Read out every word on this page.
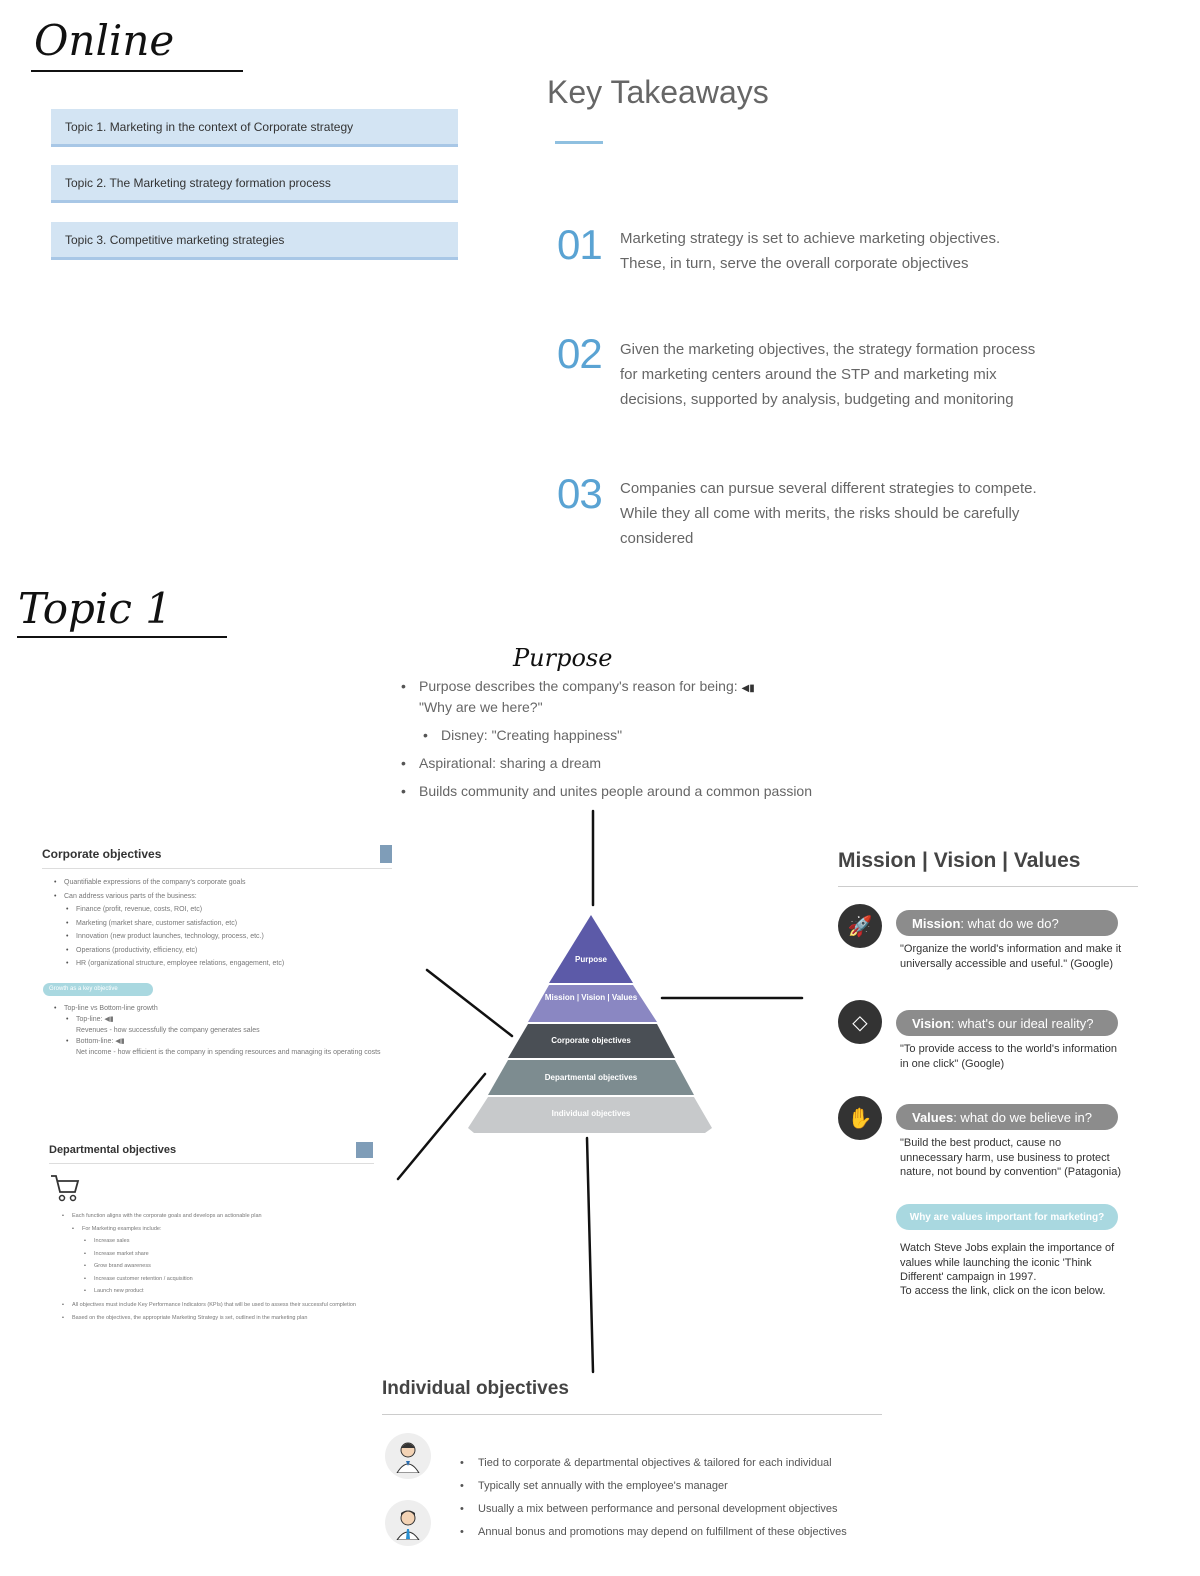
Online
Topic 1. Marketing in the context of Corporate strategy
Topic 2. The Marketing strategy formation process
Topic 3. Competitive marketing strategies
Key Takeaways
01 Marketing strategy is set to achieve marketing objectives. These, in turn, serve the overall corporate objectives
02 Given the marketing objectives, the strategy formation process for marketing centers around the STP and marketing mix decisions, supported by analysis, budgeting and monitoring
03 Companies can pursue several different strategies to compete. While they all come with merits, the risks should be carefully considered
Topic 1
Purpose
• Purpose describes the company's reason for being: ◀▮
"Why are we here?"
• Disney: "Creating happiness"
• Aspirational: sharing a dream
• Builds community and unites people around a common passion
Purpose
Mission | Vision | Values
Corporate objectives
Departmental objectives
Individual objectives
Corporate objectives
• Quantifiable expressions of the company's corporate goals
• Can address various parts of the business:
• Finance (profit, revenue, costs, ROI, etc)
• Marketing (market share, customer satisfaction, etc)
• Innovation (new product launches, technology, process, etc.)
• Operations (productivity, efficiency, etc)
• HR (organizational structure, employee relations, engagement, etc)
Growth as a key objective
• Top-line vs Bottom-line growth
• Top-line: ◀▮
Revenues - how successfully the company generates sales
• Bottom-line: ◀▮
Net income - how efficient is the company in spending resources and managing its operating costs
Departmental objectives
• Each function aligns with the corporate goals and develops an actionable plan
• For Marketing examples include:
• Increase sales
• Increase market share
• Grow brand awareness
• Increase customer retention / acquisition
• Launch new product
• All objectives must include Key Performance Indicators (KPIs) that will be used to assess their successful completion
• Based on the objectives, the appropriate Marketing Strategy is set, outlined in the marketing plan
Mission | Vision | Values
🚀	Mission : what do we do?
"Organize the world's information and make it universally accessible and useful." (Google)
◇	Vision : what's our ideal reality?
"To provide access to the world's information in one click" (Google)
✋	Values : what do we believe in?
"Build the best product, cause no unnecessary harm, use business to protect nature, not bound by convention" (Patagonia)
Why are values important for marketing?
Watch Steve Jobs explain the importance of values while launching the iconic 'Think Different' campaign in 1997.
To access the link, click on the icon below.
Individual objectives
• Tied to corporate & departmental objectives & tailored for each individual
• Typically set annually with the employee's manager
• Usually a mix between performance and personal development objectives
• Annual bonus and promotions may depend on fulfillment of these objectives
